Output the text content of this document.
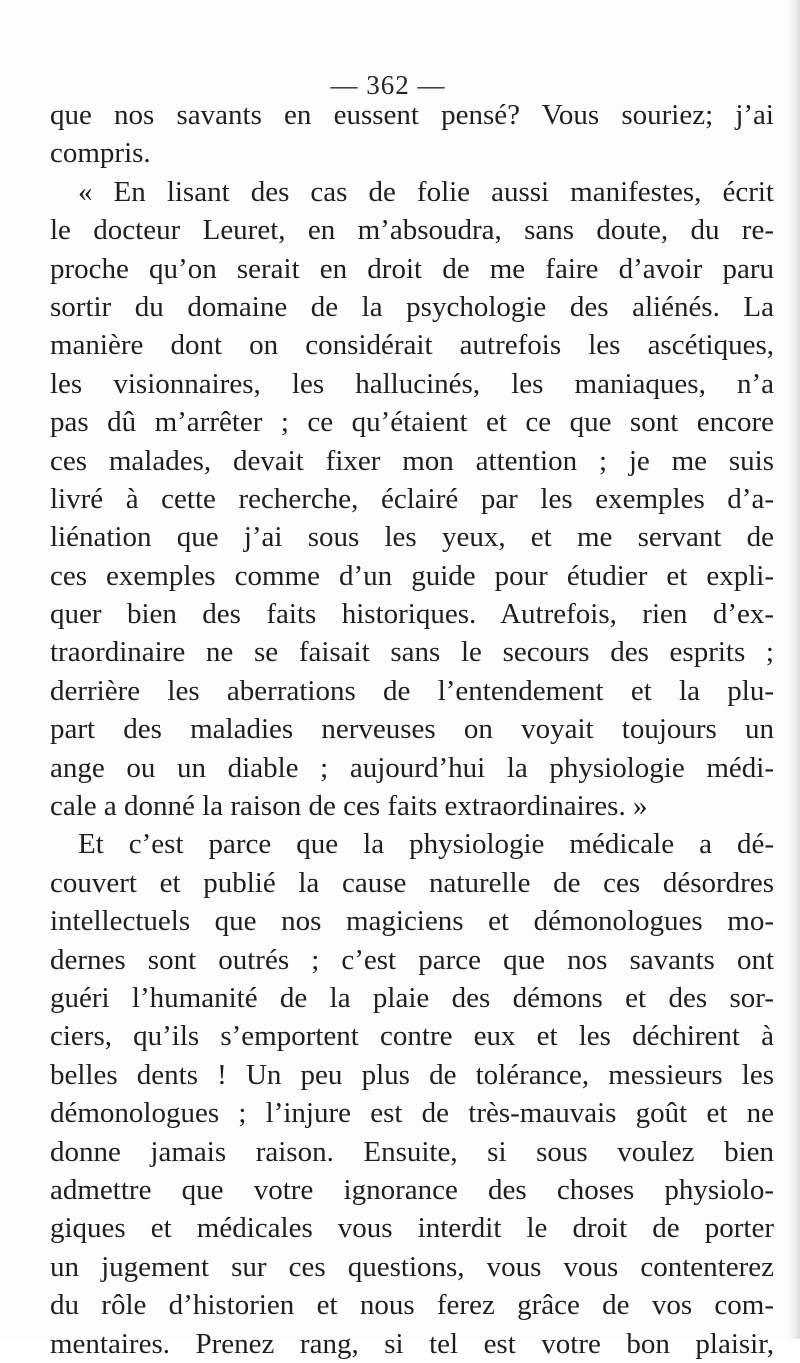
— 362 —
que nos savants en eussent pensé? Vous souriez; j’ai
compris.
« En lisant des cas de folie aussi manifestes, écrit
le docteur Leuret, en m’absoudra, sans doute, du re-
proche qu’on serait en droit de me faire d’avoir paru
sortir du domaine de la psychologie des aliénés. La
manière dont on considérait autrefois les ascétiques,
les visionnaires, les hallucinés, les maniaques, n’a
pas dû m’arrêter ; ce qu’étaient et ce que sont encore
ces malades, devait fixer mon attention ; je me suis
livré à cette recherche, éclairé par les exemples d’a-
liénation que j’ai sous les yeux, et me servant de
ces exemples comme d’un guide pour étudier et expli-
quer bien des faits historiques. Autrefois, rien d’ex-
traordinaire ne se faisait sans le secours des esprits ;
derrière les aberrations de l’entendement et la plu-
part des maladies nerveuses on voyait toujours un
ange ou un diable ; aujourd’hui la physiologie médi-
cale a donné la raison de ces faits extraordinaires. »
Et c’est parce que la physiologie médicale a dé-
couvert et publié la cause naturelle de ces désordres
intellectuels que nos magiciens et démonologues mo-
dernes sont outrés ; c’est parce que nos savants ont
guéri l’humanité de la plaie des démons et des sor-
ciers, qu’ils s’emportent contre eux et les déchirent à
belles dents ! Un peu plus de tolérance, messieurs les
démonologues ; l’injure est de très-mauvais goût et ne
donne jamais raison. Ensuite, si sous voulez bien
admettre que votre ignorance des choses physiolo-
giques et médicales vous interdit le droit de porter
un jugement sur ces questions, vous vous contenterez
du rôle d’historien et nous ferez grâce de vos com-
mentaires. Prenez rang, si tel est votre bon plaisir,
